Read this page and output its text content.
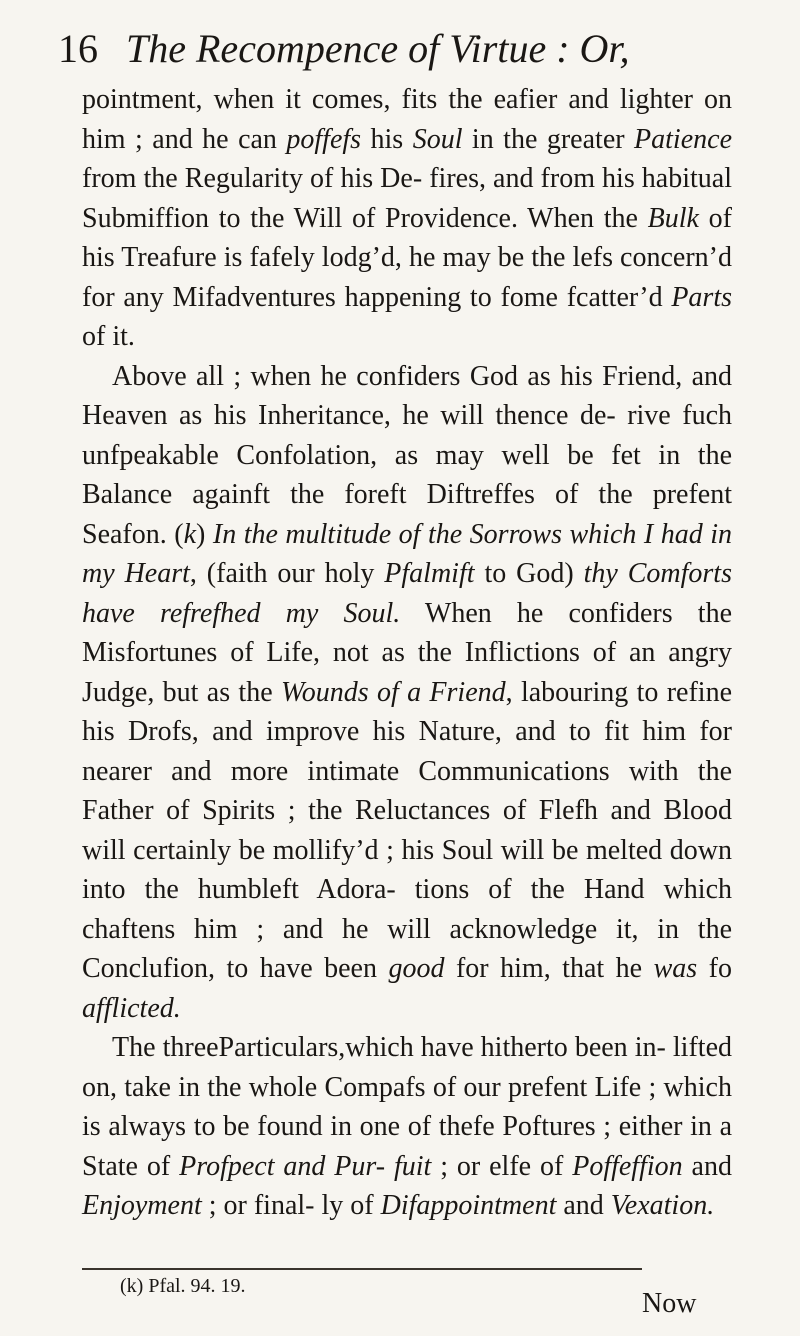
16 The Recompence of Virtue : Or,

pointment, when it comes, fits the eafier and lighter on him ; and he can poffefs his Soul in the greater Patience from the Regularity of his De- fires, and from his habitual Submiffion to the Will of Providence. When the Bulk of his Treafure is fafely lodg’d, he may be the lefs concern’d for any Mifadventures happening to fome fcatter’d Parts of it.

Above all ; when he confiders God as his Friend, and Heaven as his Inheritance, he will thence de- rive fuch unfpeakable Confolation, as may well be fet in the Balance againft the foreft Diftreffes of the prefent Seafon. (k) In the multitude of the Sorrows which I had in my Heart, (faith our holy Pfalmift to God) thy Comforts have refrefhed my Soul. When he confiders the Misfortunes of Life, not as the Inflictions of an angry Judge, but as the Wounds of a Friend, labouring to refine his Drofs, and improve his Nature, and to fit him for nearer and more intimate Communications with the Father of Spirits ; the Reluctances of Flefh and Blood will certainly be mollify’d ; his Soul will be melted down into the humbleft Adora- tions of the Hand which chaftens him ; and he will acknowledge it, in the Conclufion, to have been good for him, that he was fo afflicted.

The threeParticulars,which have hitherto been in- lifted on, take in the whole Compafs of our prefent Life ; which is always to be found in one of thefe Poftures ; either in a State of Profpect and Pur- fuit ; or elfe of Poffeffion and Enjoyment ; or final- ly of Difappointment and Vexation.

(k) Pfal. 94. 19.
Now
